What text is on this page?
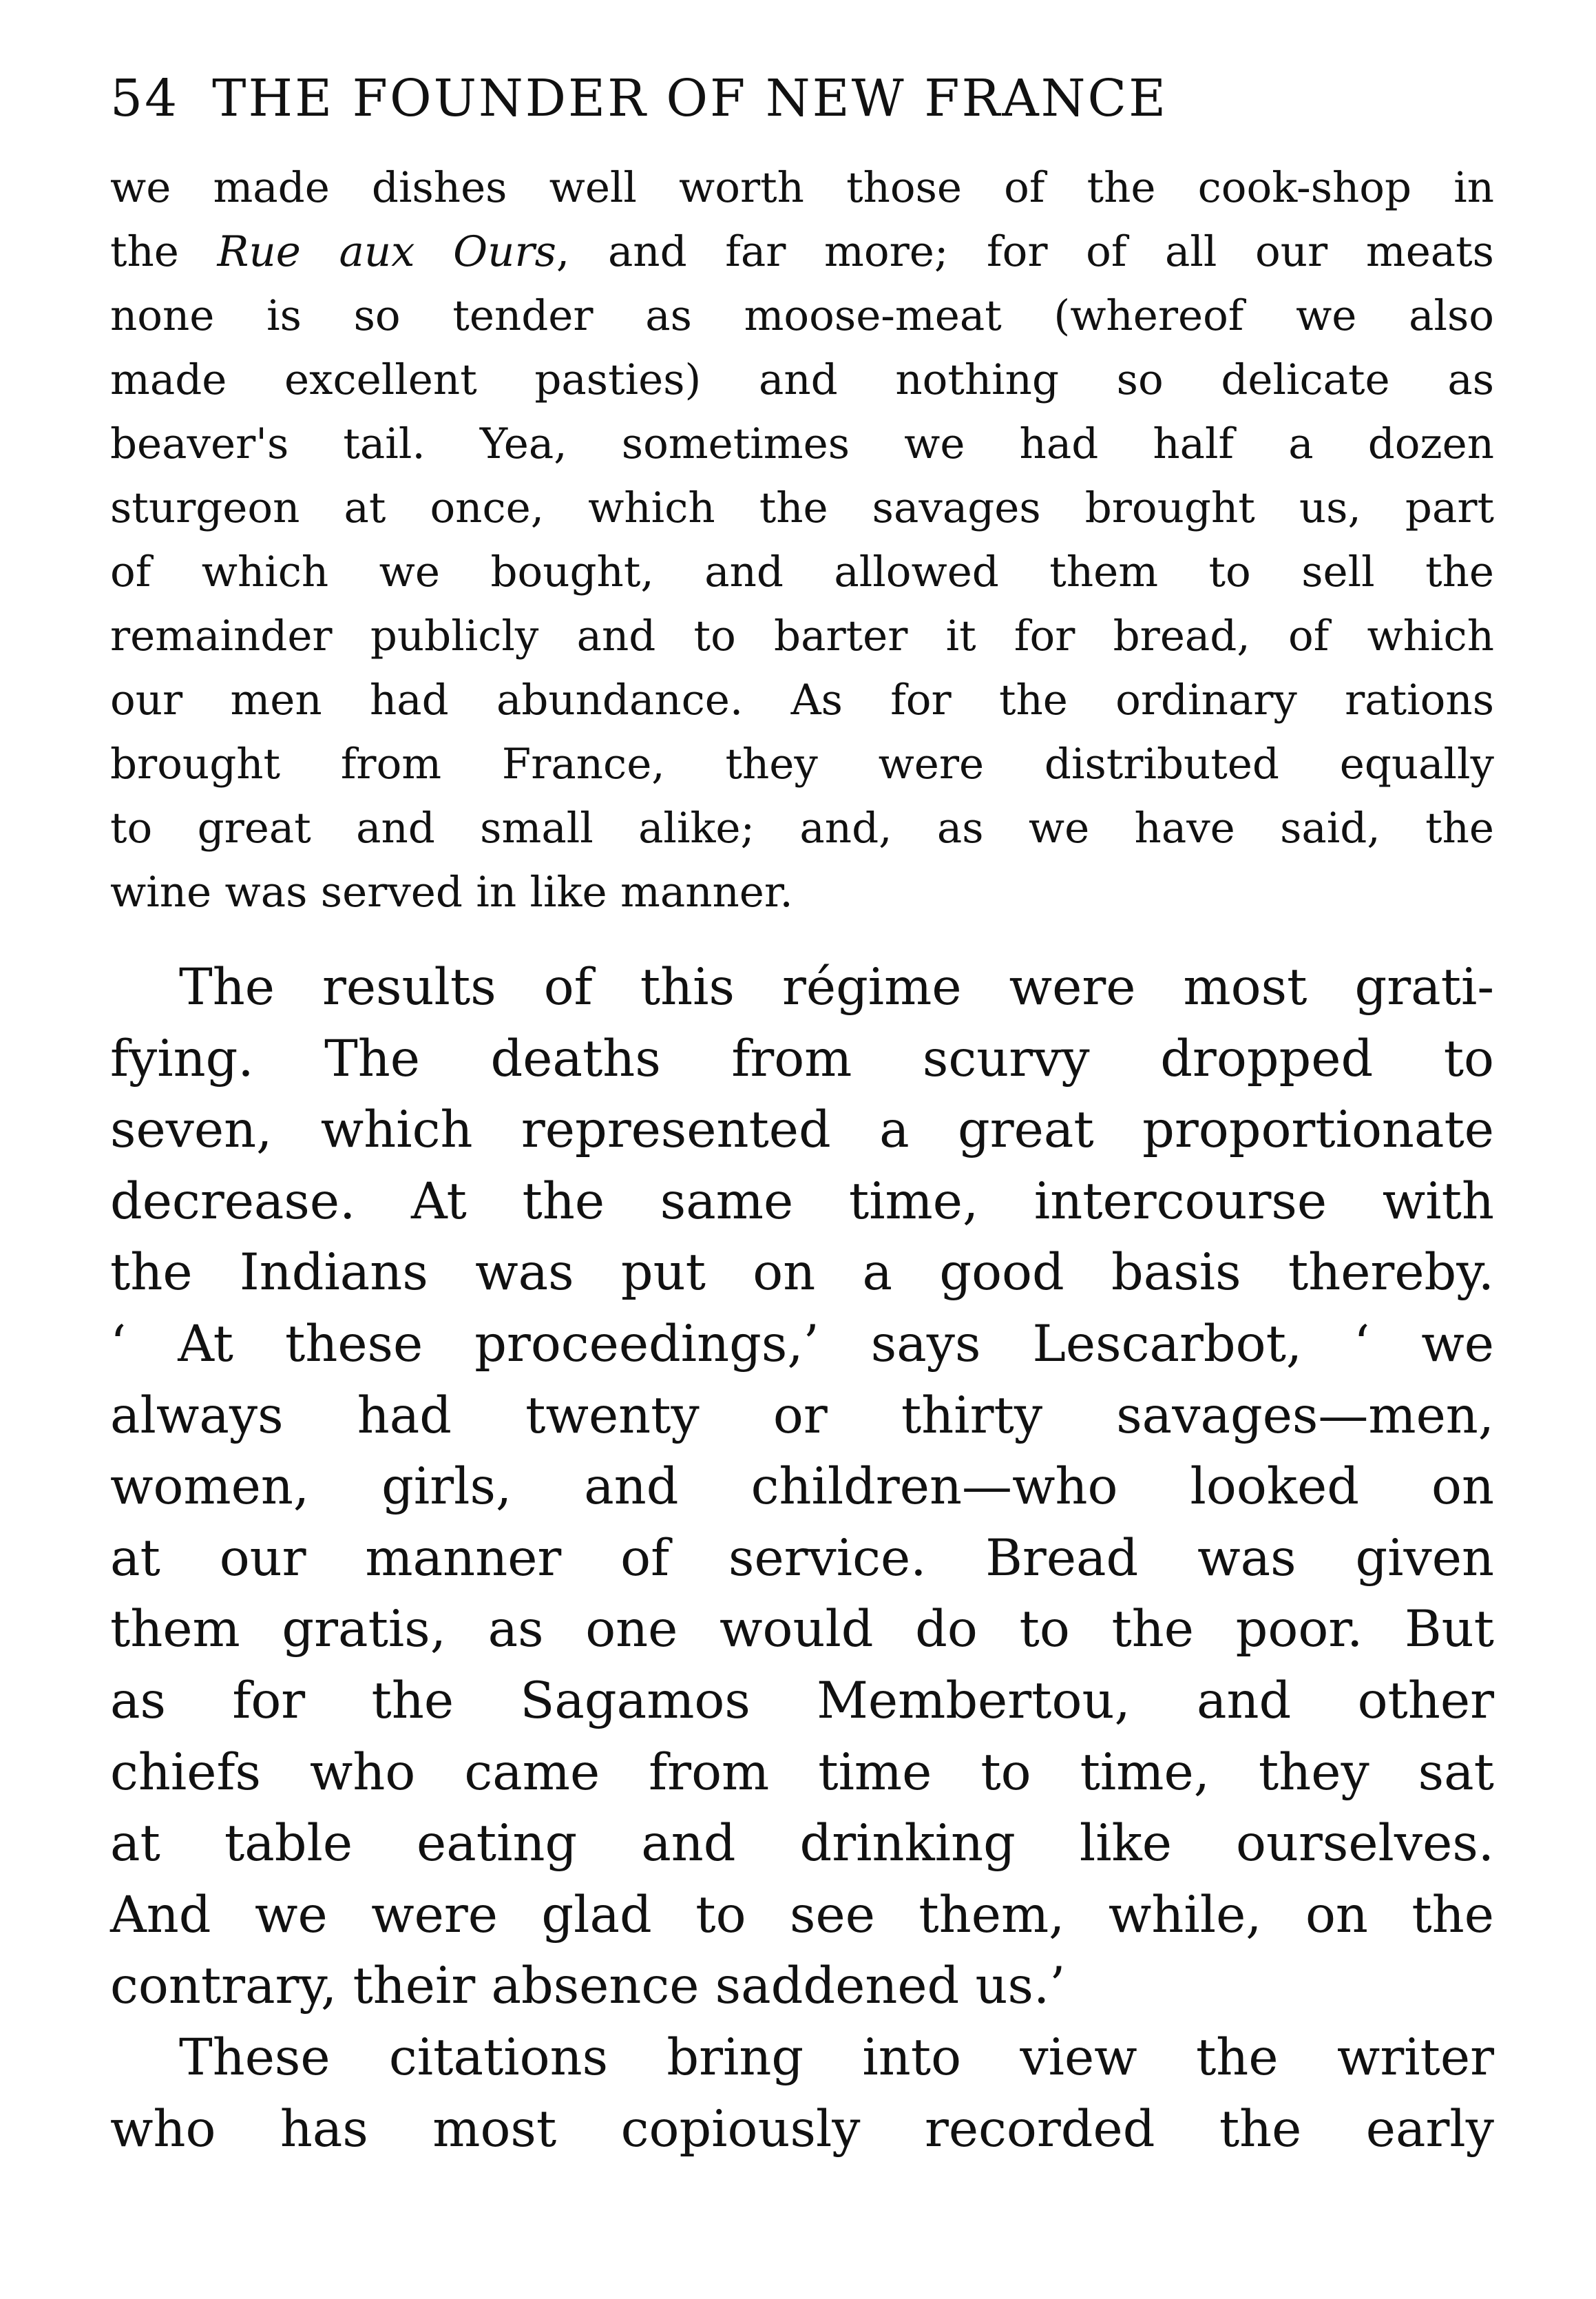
54 THE FOUNDER OF NEW FRANCE
we made dishes well worth those of the cook-shop in
the Rue aux Ours, and far more; for of all our meats
none is so tender as moose-meat (whereof we also
made excellent pasties) and nothing so delicate as
beaver's tail. Yea, sometimes we had half a dozen
sturgeon at once, which the savages brought us, part
of which we bought, and allowed them to sell the
remainder publicly and to barter it for bread, of which
our men had abundance. As for the ordinary rations
brought from France, they were distributed equally
to great and small alike; and, as we have said, the
wine was served in like manner.
The results of this régime were most grati-
fying. The deaths from scurvy dropped to
seven, which represented a great proportionate
decrease. At the same time, intercourse with
the Indians was put on a good basis thereby.
‘ At these proceedings,’ says Lescarbot, ‘ we
always had twenty or thirty savages—men,
women, girls, and children—who looked on
at our manner of service. Bread was given
them gratis, as one would do to the poor. But
as for the Sagamos Membertou, and other
chiefs who came from time to time, they sat
at table eating and drinking like ourselves.
And we were glad to see them, while, on the
contrary, their absence saddened us.’
These citations bring into view the writer
who has most copiously recorded the early
